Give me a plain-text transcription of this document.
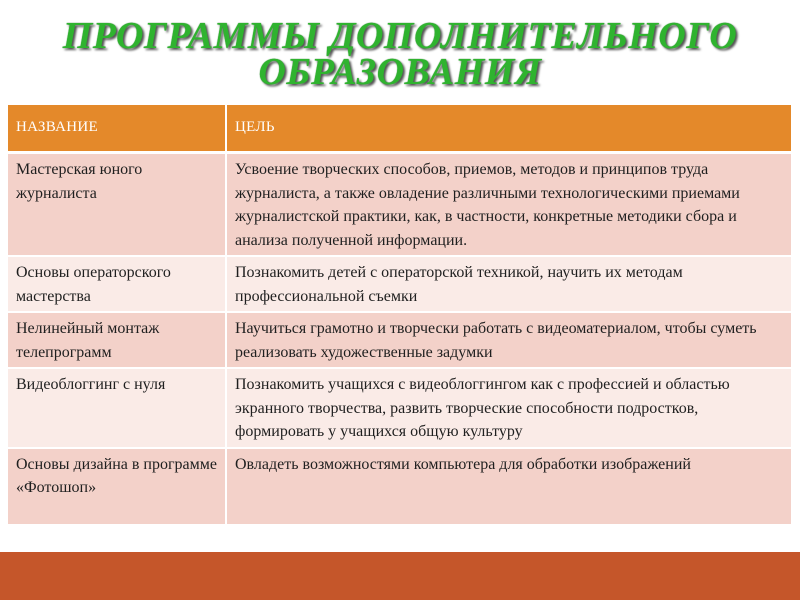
ПРОГРАММЫ ДОПОЛНИТЕЛЬНОГО
ОБРАЗОВАНИЯ
НАЗВАНИЕ	ЦЕЛЬ
Мастерская юного журналиста	Усвоение творческих способов, приемов, методов и принципов труда журналиста, а также овладение различными технологическими приемами журналистской практики, как, в частности, конкретные методики сбора и анализа полученной информации.
Основы операторского мастерства	Познакомить детей с операторской техникой, научить их методам профессиональной съемки
Нелинейный монтаж телепрограмм	Научиться грамотно и творчески работать с видеоматериалом, чтобы суметь реализовать художественные задумки
Видеоблоггинг с нуля	Познакомить учащихся с видеоблоггингом как с профессией и областью экранного творчества, развить творческие способности подростков, формировать у учащихся общую культуру
Основы дизайна в программе «Фотошоп»	Овладеть возможностями компьютера для обработки изображений
